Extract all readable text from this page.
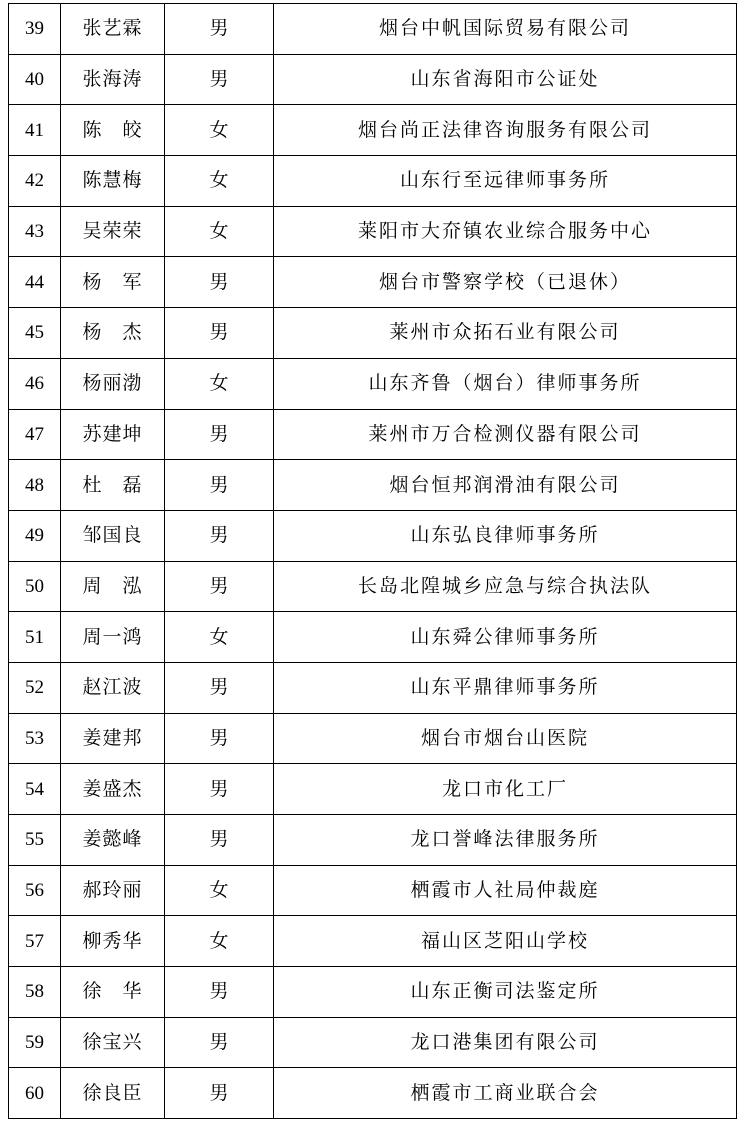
39	张艺霖	男	烟台中帆国际贸易有限公司
40	张海涛	男	山东省海阳市公证处
41	陈　皎	女	烟台尚正法律咨询服务有限公司
42	陈慧梅	女	山东行至远律师事务所
43	吴荣荣	女	莱阳市大夼镇农业综合服务中心
44	杨　军	男	烟台市警察学校（已退休）
45	杨　杰	男	莱州市众拓石业有限公司
46	杨丽渤	女	山东齐鲁（烟台）律师事务所
47	苏建坤	男	莱州市万合检测仪器有限公司
48	杜　磊	男	烟台恒邦润滑油有限公司
49	邹国良	男	山东弘良律师事务所
50	周　泓	男	长岛北隍城乡应急与综合执法队
51	周一鸿	女	山东舜公律师事务所
52	赵江波	男	山东平鼎律师事务所
53	姜建邦	男	烟台市烟台山医院
54	姜盛杰	男	龙口市化工厂
55	姜懿峰	男	龙口誉峰法律服务所
56	郝玲丽	女	栖霞市人社局仲裁庭
57	柳秀华	女	福山区芝阳山学校
58	徐　华	男	山东正衡司法鉴定所
59	徐宝兴	男	龙口港集团有限公司
60	徐良臣	男	栖霞市工商业联合会
